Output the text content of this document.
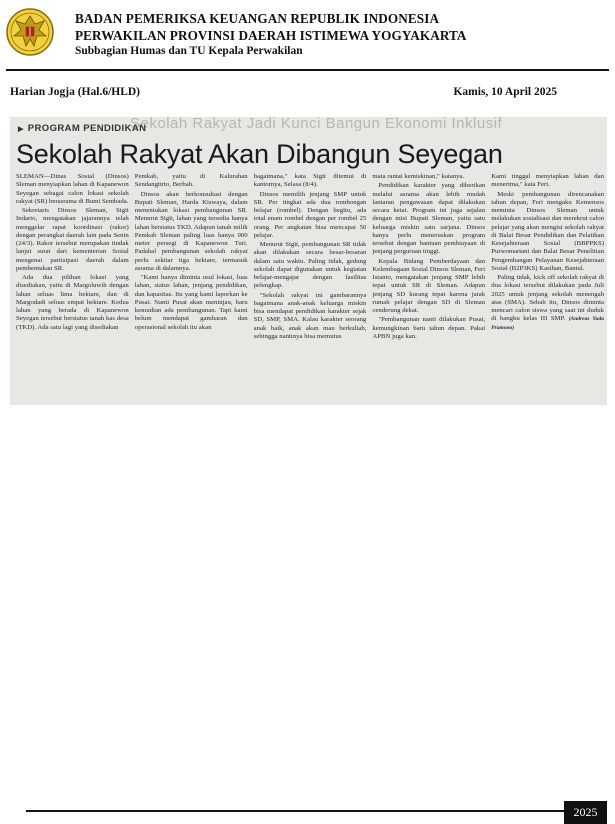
BADAN PEMERIKSA KEUANGAN REPUBLIK INDONESIA
PERWAKILAN PROVINSI DAERAH ISTIMEWA YOGYAKARTA
Subbagian Humas dan TU Kepala Perwakilan
Harian Jogja (Hal.6/HLD)	Kamis, 10 April 2025
Sekolah Rakyat Jadi Kunci Bangun Ekonomi Inklusif
▶ PROGRAM PENDIDIKAN
Sekolah Rakyat Akan Dibangun Seyegan

SLEMAN—Dinas Sosial (Dinsos) Sleman menyiapkan lahan di Kapanewon Seyegan sebagai calon lokasi sekolah rakyat (SR) berasrama di Bumi Sembada.

Sekretaris Dinsos Sleman, Sigit Indarto, mengatakan jajarannya telah menggelar rapat koordinasi (rakor) dengan perangkat daerah lain pada Senin (24/3). Rakor tersebut merupakan tindak lanjut surat dari kementerian Sosial mengenai partisipasi daerah dalam pembentukan SR.

Ada dua pilihan lokasi yang disediakan, yaitu di Margoluwih dengan lahan seluas lima hektare, dan di Margodadi seluas empat hektare. Kedua lahan yang berada di Kapanewon Seyegan tersebut berstatus tanah kas desa (TKD). Ada satu lagi yang disediakan

Pemkab, yaitu di Kalurahan Sendangtirto, Berbah.

Dinsos akan berkonsultasi dengan Bupati Sleman, Harda Kiswaya, dalam menentukan lokasi pembangunan SR. Menurut Sigit, lahan yang tersedia hanya lahan berstatus TKD. Adapun tanah milik Pemkab Sleman paling luas hanya 900 meter persegi di Kapanewon Turi. Padahal pembangunan sekolah rakyat perlu sekitar tiga hektare, termasuk asrama di dalamnya.

"Kami hanya diminta usul lokasi, luas lahan, status lahan, jenjang pendidikan, dan kapasitas. Itu yang kami laporkan ke Pusat. Nanti Pusat akan meninjau, baru kemudian ada pembangunan. Tapi kami belum mendapat gambaran dan operasional sekolah itu akan

bagaimana," kata Sigit ditemui di kantornya, Selasa (8/4).

Dinsos memilih jenjang SMP untuk SR. Per tingkat ada dua rombongan belajar (rombel). Dengan begitu, ada total enam rombel dengan per rombel 25 orang. Per angkatan bisa mencapai 50 pelajar.

Menurut Sigit, pembangunan SR tidak akan dilakukan secara besar-besaran dalam satu waktu. Paling tidak, gedung sekolah dapat digunakan untuk kegiatan belajar-mengajar dengan fasilitas pelengkap.

"Sekolah rakyat ini gambarannya bagaimana anak-anak keluarga miskin bisa mendapat pendidikan karakter sejak SD, SMP, SMA. Kalau karakter seorang anak baik, anak akan mau berkuliah, sehingga nantinya bisa memutus

mata rantai kemiskinan," katanya.

Pendidikan karakter yang diberikan melalui asrama akan lebih mudah lantaran pengawasan dapat dilakukan secara ketat. Program ini juga sejalan dengan misi Bupati Sleman, yaitu satu keluarga miskin satu sarjana. Dinsos hanya perlu meneruskan program tersebut dengan bantuan pembiayaan di jenjang perguruan tinggi.

Kepala Bidang Pemberdayaan dan Kelembagaan Sosial Dinsos Sleman, Feri Istanto, mengatakan jenjang SMP lebih tepat untuk SR di Sleman. Adapun jenjang SD kurang tepat karena jarak rumah pelajar dengan SD di Sleman cenderung dekat.

"Pembangunan nanti dilakukan Pusat, kemungkinan baru tahun depan. Pakai APBN juga kan.

Kami tinggal menyiapkan lahan dan menerima," kata Feri.

Meski pembangunan direncanakan tahun depan, Feri mengaku Kemensos meminta Dinsos Sleman untuk melakukan sosialisasi dan merekrut calon pelajar yang akan mengisi sekolah rakyat di Balai Besar Pendidikan dan Pelatihan Kesejahteraan Sosial (BBPPKS) Purwomartani dan Balai Besar Penelitian Pengembangan Pelayanan Kesejahteraan Sosial (B2P3KS) Kasihan, Bantul.

Paling tidak, kick off sekolah rakyat di dua lokasi tersebut dilakukan pada Juli 2025 untuk jenjang sekolah menengah atas (SMA). Sebab itu, Dinsos diminta mencari calon siswa yang saat ini duduk di bangku kelas III SMP. (Andreas Yuda Pramono)

2025
